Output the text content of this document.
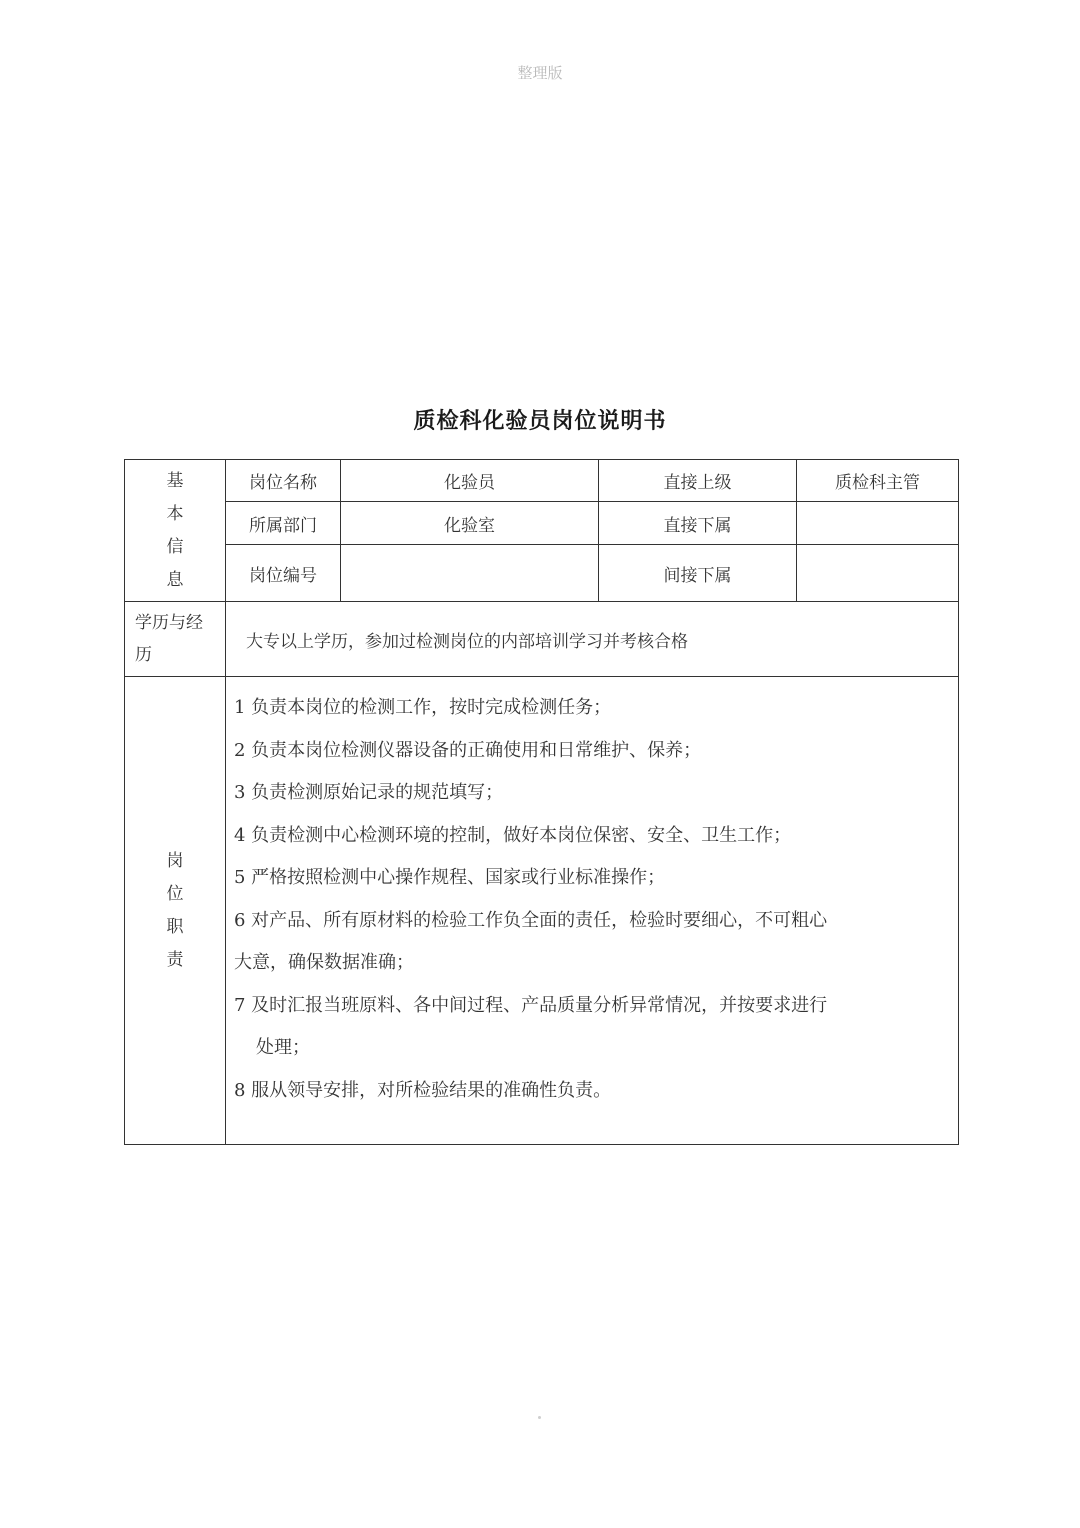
整理版
质检科化验员岗位说明书
基
本
信
息	岗位名称	化验员	直接上级	质检科主管
	所属部门	化验室	直接下属	
	岗位编号		间接下属	

学历与经
历	大专以上学历，参加过检测岗位的内部培训学习并考核合格			

岗
位
职
责

1 负责本岗位的检测工作，按时完成检测任务；
2 负责本岗位检测仪器设备的正确使用和日常维护、保养；
3 负责检测原始记录的规范填写；
4 负责检测中心检测环境的控制，做好本岗位保密、安全、卫生工作；
5 严格按照检测中心操作规程、国家或行业标准操作；
6 对产品、所有原材料的检验工作负全面的责任，检验时要细心，不可粗心
大意，确保数据准确；
7 及时汇报当班原料、各中间过程、产品质量分析异常情况，并按要求进行
处理；
8 服从领导安排，对所检验结果的准确性负责。
